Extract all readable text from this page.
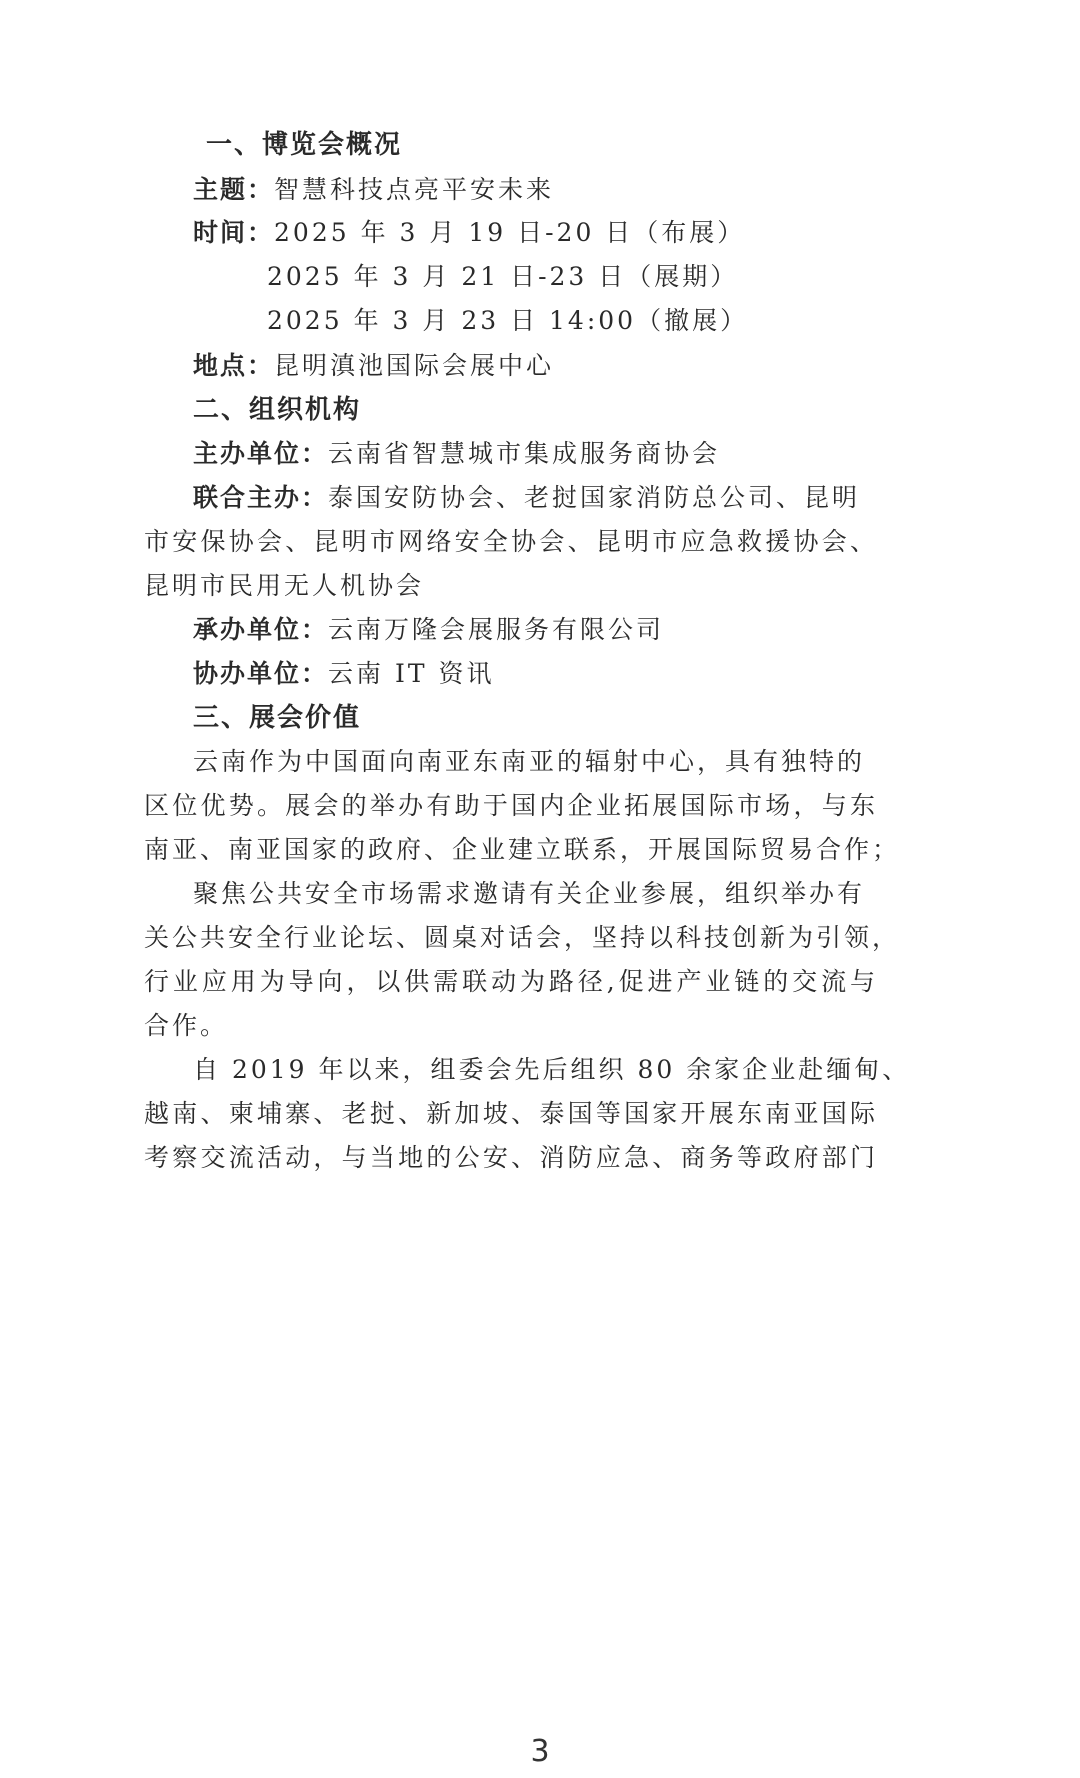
一、博览会概况
主题：智慧科技点亮平安未来
时间：2025 年 3 月 19 日-20 日（布展）
2025 年 3 月 21 日-23 日（展期）
2025 年 3 月 23 日 14:00（撤展）
地点：昆明滇池国际会展中心
二、组织机构
主办单位：云南省智慧城市集成服务商协会
联合主办：泰国安防协会、老挝国家消防总公司、昆明
市安保协会、昆明市网络安全协会、昆明市应急救援协会、
昆明市民用无人机协会
承办单位：云南万隆会展服务有限公司
协办单位：云南 IT 资讯
三、展会价值
云南作为中国面向南亚东南亚的辐射中心，具有独特的
区位优势。展会的举办有助于国内企业拓展国际市场，与东
南亚、南亚国家的政府、企业建立联系，开展国际贸易合作；
聚焦公共安全市场需求邀请有关企业参展，组织举办有
关公共安全行业论坛、圆桌对话会，坚持以科技创新为引领，
行业应用为导向，以供需联动为路径,促进产业链的交流与
合作。
自 2019 年以来，组委会先后组织 80 余家企业赴缅甸、
越南、柬埔寨、老挝、新加坡、泰国等国家开展东南亚国际
考察交流活动，与当地的公安、消防应急、商务等政府部门
3
